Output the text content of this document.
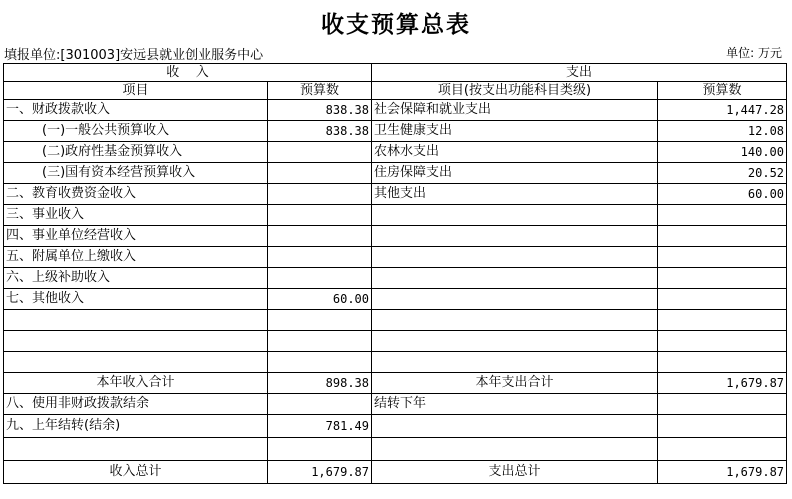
收支预算总表
填报单位:[301003]安远县就业创业服务中心	单位: 万元
收    入		支出	
项目	预算数	项目(按支出功能科目类级)	预算数
一、财政拨款收入	838.38	社会保障和就业支出	1,447.28
(一)一般公共预算收入	838.38	卫生健康支出	12.08
(二)政府性基金预算收入		农林水支出	140.00
(三)国有资本经营预算收入		住房保障支出	20.52
二、教育收费资金收入		其他支出	60.00
三、事业收入			
四、事业单位经营收入			
五、附属单位上缴收入			
六、上级补助收入			
七、其他收入	60.00		

本年收入合计	898.38	本年支出合计	1,679.87
八、使用非财政拨款结余		结转下年	
九、上年结转(结余)	781.49		

收入总计	1,679.87	支出总计	1,679.87
